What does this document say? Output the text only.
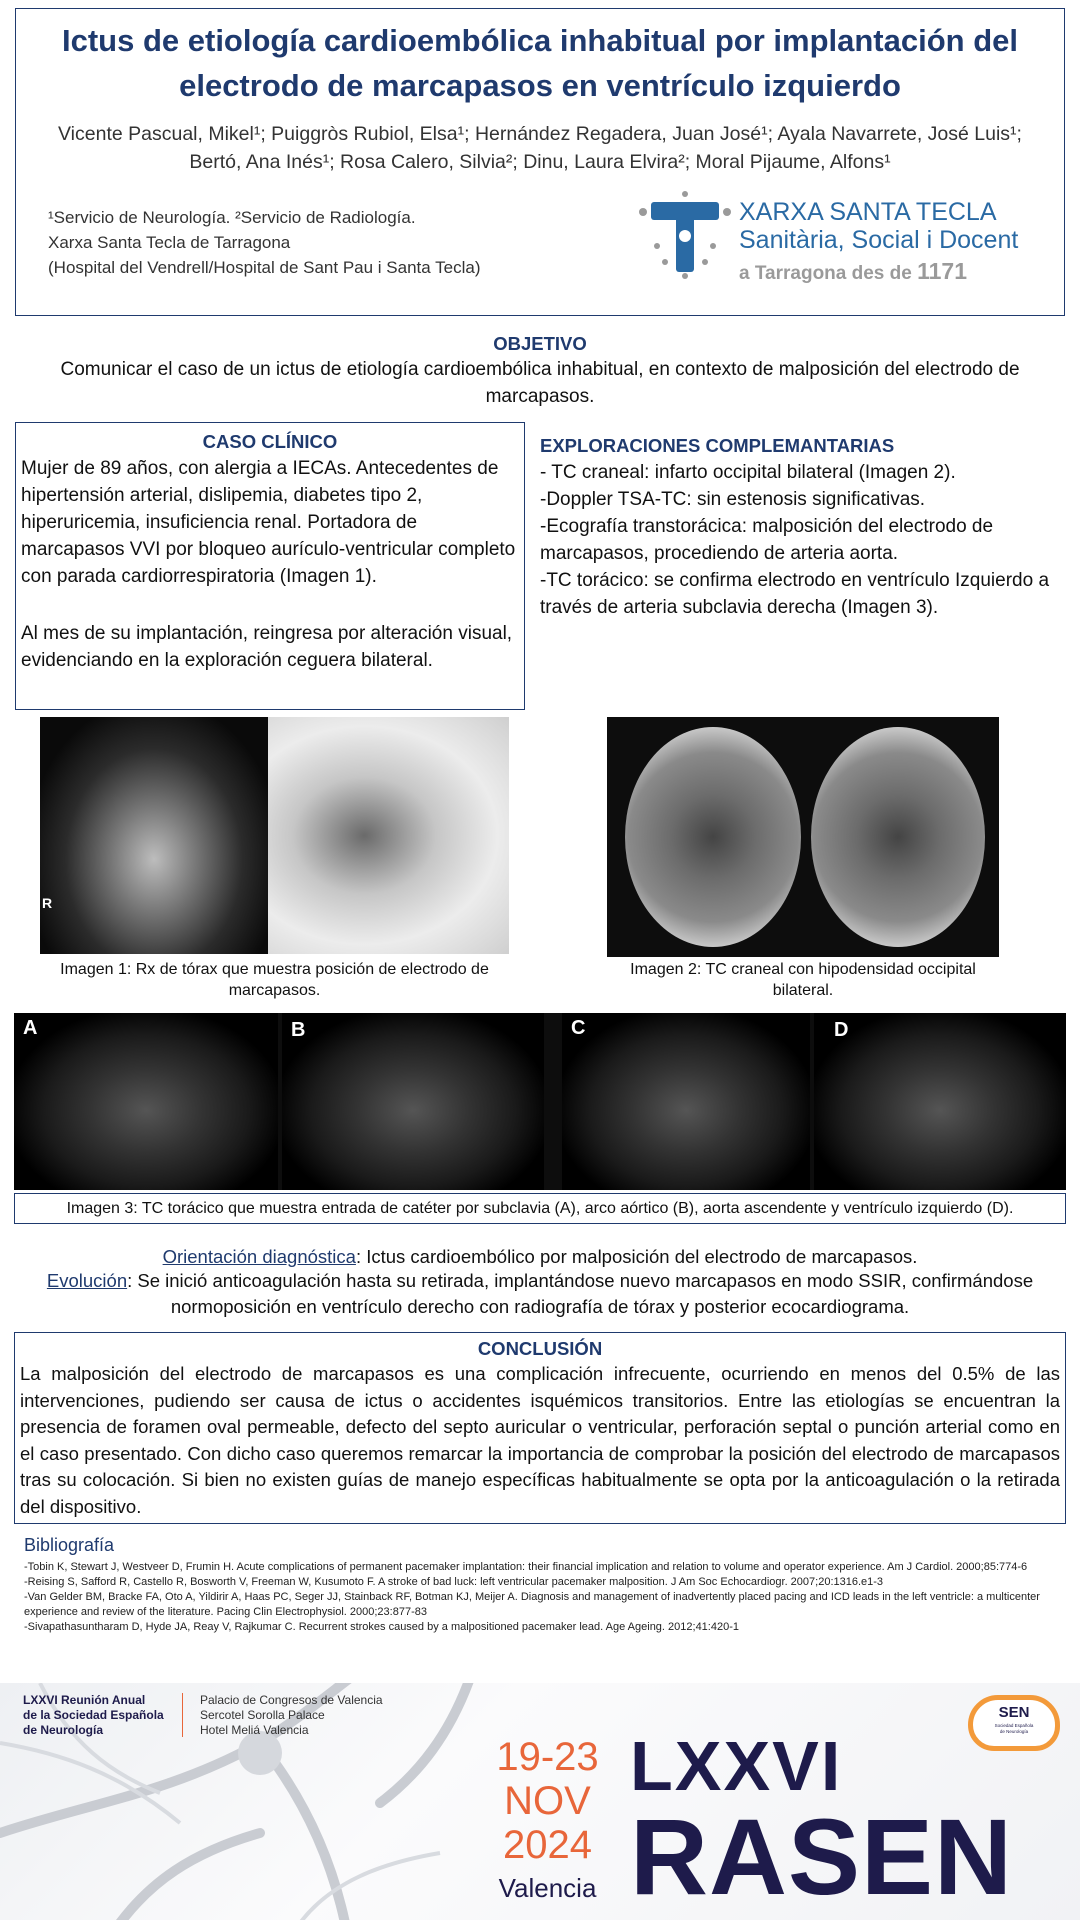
Ictus de etiología cardioembólica inhabitual por implantación del electrodo de marcapasos en ventrículo izquierdo
Vicente Pascual, Mikel¹; Puiggròs Rubiol, Elsa¹; Hernández Regadera, Juan José¹; Ayala Navarrete, José Luis¹;
Bertó, Ana Inés¹; Rosa Calero, Silvia²; Dinu, Laura Elvira²; Moral Pijaume, Alfons¹
¹Servicio de Neurología. ²Servicio de Radiología.
Xarxa Santa Tecla de Tarragona
(Hospital del Vendrell/Hospital de Sant Pau i Santa Tecla)
XARXA SANTA TECLA
Sanitària, Social i Docent
a Tarragona des de 1171
OBJETIVO
Comunicar el caso de un ictus de etiología cardioembólica inhabitual, en contexto de malposición del electrodo de marcapasos.
CASO CLÍNICO
Mujer de 89 años, con alergia a IECAs. Antecedentes de hipertensión arterial, dislipemia, diabetes tipo 2, hiperuricemia, insuficiencia renal. Portadora de marcapasos VVI por bloqueo aurículo-ventricular completo con parada cardiorrespiratoria (Imagen 1).
Al mes de su implantación, reingresa por alteración visual, evidenciando en la exploración ceguera bilateral.
EXPLORACIONES COMPLEMANTARIAS
- TC craneal: infarto occipital bilateral (Imagen 2).
-Doppler TSA-TC: sin estenosis significativas.
-Ecografía transtorácica: malposición del electrodo de marcapasos, procediendo de arteria aorta.
-TC torácico: se confirma electrodo en ventrículo Izquierdo a través de arteria subclavia derecha (Imagen 3).
R
Imagen 1: Rx de tórax que muestra posición de electrodo de marcapasos.
Imagen 2: TC craneal con hipodensidad occipital bilateral.
A	B	C	D
Imagen 3: TC torácico que muestra entrada de catéter por subclavia (A), arco aórtico (B), aorta ascendente y ventrículo izquierdo (D).
Orientación diagnóstica: Ictus cardioembólico por malposición del electrodo de marcapasos.
Evolución: Se inició anticoagulación hasta su retirada, implantándose nuevo marcapasos en modo SSIR, confirmándose normoposición en ventrículo derecho con radiografía de tórax y posterior ecocardiograma.
CONCLUSIÓN
La malposición del electrodo de marcapasos es una complicación infrecuente, ocurriendo en menos del 0.5% de las intervenciones, pudiendo ser causa de ictus o accidentes isquémicos transitorios. Entre las etiologías se encuentran la presencia de foramen oval permeable, defecto del septo auricular o ventricular, perforación septal o punción arterial como en el caso presentado. Con dicho caso queremos remarcar la importancia de comprobar la posición del electrodo de marcapasos tras su colocación. Si bien no existen guías de manejo específicas habitualmente se opta por la anticoagulación o la retirada del dispositivo.
Bibliografía
-Tobin K, Stewart J, Westveer D, Frumin H. Acute complications of permanent pacemaker implantation: their financial implication and relation to volume and operator experience. Am J Cardiol. 2000;85:774-6
-Reising S, Safford R, Castello R, Bosworth V, Freeman W, Kusumoto F. A stroke of bad luck: left ventricular pacemaker malposition. J Am Soc Echocardiogr. 2007;20:1316.e1-3
-Van Gelder BM, Bracke FA, Oto A, Yildirir A, Haas PC, Seger JJ, Stainback RF, Botman KJ, Meijer A. Diagnosis and management of inadvertently placed pacing and ICD leads in the left ventricle: a multicenter experience and review of the literature. Pacing Clin Electrophysiol. 2000;23:877-83
-Sivapathasuntharam D, Hyde JA, Reay V, Rajkumar C. Recurrent strokes caused by a malpositioned pacemaker lead. Age Ageing. 2012;41:420-1
LXXVI Reunión Anual
de la Sociedad Española
de Neurología
Palacio de Congresos de Valencia
Sercotel Sorolla Palace
Hotel Meliá Valencia
19-23
NOV
2024
Valencia
LXXVI
RASEN
SEN
Sociedad Española
de Neurología
